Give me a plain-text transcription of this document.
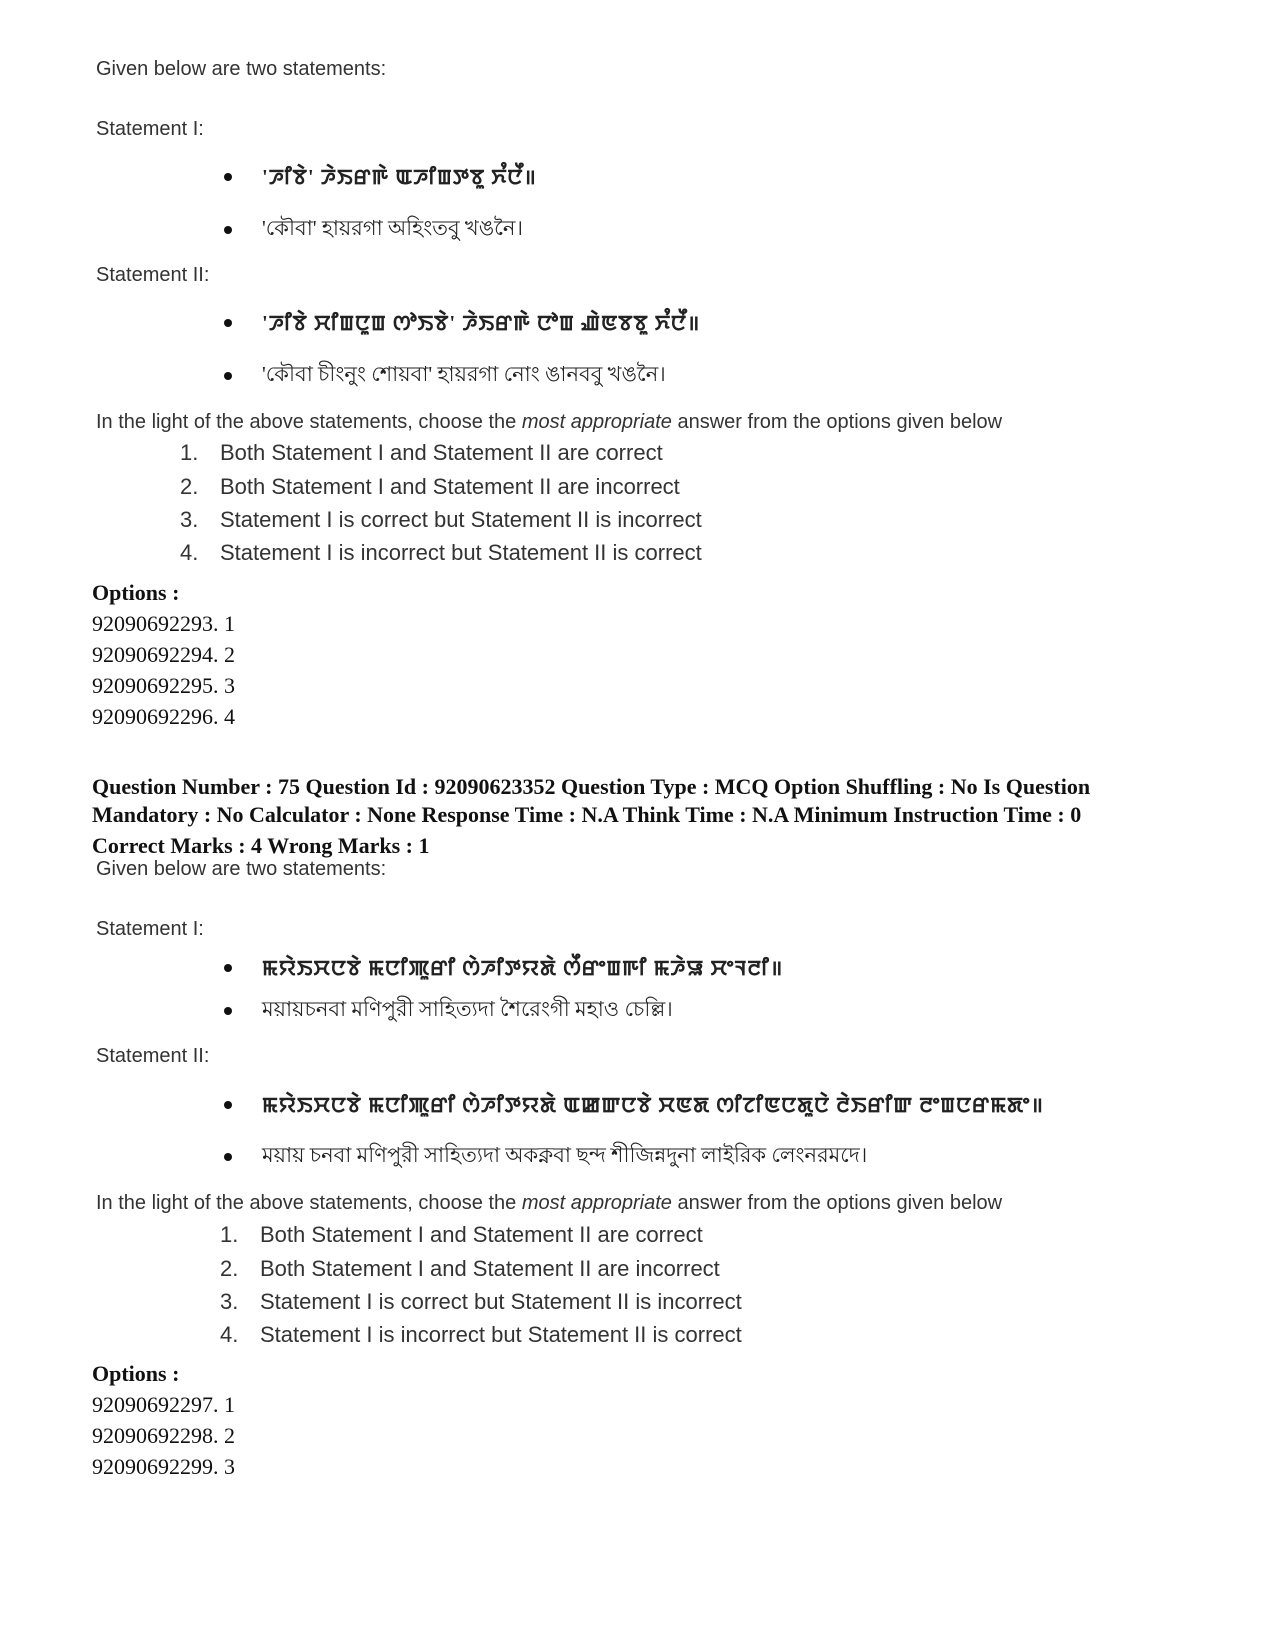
Given below are two statements:
Statement I:
'ꯍꯤꯕꯥ' ꯍꯥꯏꯔꯒꯥ ꯑꯍꯤꯡꯇꯕꯨ ꯈꯪꯅꯩ॥
'কৌবা' হায়রগা অহিংতবু খঙনৈ।
Statement II:
'ꯍꯤꯕꯥ ꯆꯤꯡꯅꯨꯡ ꯁꯣꯏꯕꯥ' ꯍꯥꯏꯔꯒꯥ ꯅꯣꯡ ꯉꯥꯟꯕꯕꯨ ꯈꯪꯅꯩ॥
'কৌবা চীংনুং শোয়বা' হায়রগা নোং ঙানববু খঙনৈ।
In the light of the above statements, choose the most appropriate answer from the options given below
1. Both Statement I and Statement II are correct
2. Both Statement I and Statement II are incorrect
3. Statement I is correct but Statement II is incorrect
4. Statement I is incorrect but Statement II is correct
Options :
92090692293. 1
92090692294. 2
92090692295. 3
92090692296. 4
Question Number : 75 Question Id : 92090623352 Question Type : MCQ Option Shuffling : No Is Question
Mandatory : No Calculator : None Response Time : N.A Think Time : N.A Minimum Instruction Time : 0
Correct Marks : 4 Wrong Marks : 1
Given below are two statements:
Statement I:
ꯃꯌꯥꯏꯆꯅꯕꯥ ꯃꯅꯤꯄꯨꯔꯤ ꯁꯥꯍꯤꯇꯌꯗꯥ ꯁꯩꯔꯦꯡꯒꯤ ꯃꯍꯥꯎ ꯆꯦꯜꯂꯤ॥
ময়ায়চনবা মণিপুরী সাহিত্যদা শৈরেংগী মহাও চেল্লি।
Statement II:
ꯃꯌꯥꯏꯆꯅꯕꯥ ꯃꯅꯤꯄꯨꯔꯤ ꯁꯥꯍꯤꯇꯌꯗꯥ ꯑꯀꯛꯅꯕꯥ ꯆꯟꯗ ꯁꯤꯖꯤꯟꯅꯗꯨꯅꯥ ꯂꯥꯏꯔꯤꯛ ꯂꯦꯡꯅꯔꯃꯗꯦ॥
ময়ায় চনবা মণিপুরী সাহিত্যদা অকক্নবা ছন্দ শীজিন্নদুনা লাইরিক লেংনরমদে।
In the light of the above statements, choose the most appropriate answer from the options given below
1. Both Statement I and Statement II are correct
2. Both Statement I and Statement II are incorrect
3. Statement I is correct but Statement II is incorrect
4. Statement I is incorrect but Statement II is correct
Options :
92090692297. 1
92090692298. 2
92090692299. 3
